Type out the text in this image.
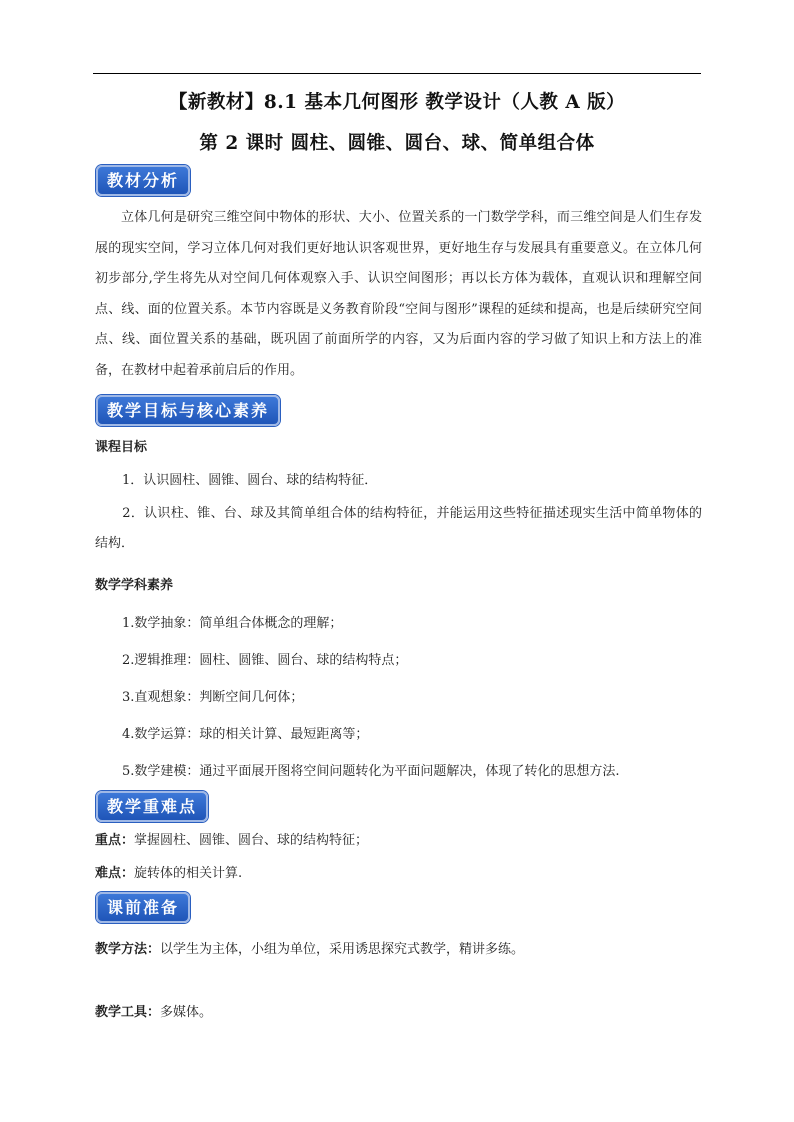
【新教材】8.1 基本几何图形 教学设计（人教 A 版）
第 2 课时 圆柱、圆锥、圆台、球、简单组合体
教材分析
立体几何是研究三维空间中物体的形状、大小、位置关系的一门数学学科，而三维空间是人们生存发展的现实空间，学习立体几何对我们更好地认识客观世界，更好地生存与发展具有重要意义。在立体几何初步部分,学生将先从对空间几何体观察入手、认识空间图形；再以长方体为载体，直观认识和理解空间点、线、面的位置关系。本节内容既是义务教育阶段“空间与图形”课程的延续和提高，也是后续研究空间点、线、面位置关系的基础，既巩固了前面所学的内容，又为后面内容的学习做了知识上和方法上的准备，在教材中起着承前启后的作用。
教学目标与核心素养
课程目标
1．认识圆柱、圆锥、圆台、球的结构特征．
2．认识柱、锥、台、球及其简单组合体的结构特征，并能运用这些特征描述现实生活中简单物体的结构．
数学学科素养
1.数学抽象：简单组合体概念的理解；
2.逻辑推理：圆柱、圆锥、圆台、球的结构特点；
3.直观想象：判断空间几何体；
4.数学运算：球的相关计算、最短距离等；
5.数学建模：通过平面展开图将空间问题转化为平面问题解决，体现了转化的思想方法.
教学重难点
重点：掌握圆柱、圆锥、圆台、球的结构特征；
难点：旋转体的相关计算.
课前准备
教学方法：以学生为主体，小组为单位，采用诱思探究式教学，精讲多练。
教学工具：多媒体。
